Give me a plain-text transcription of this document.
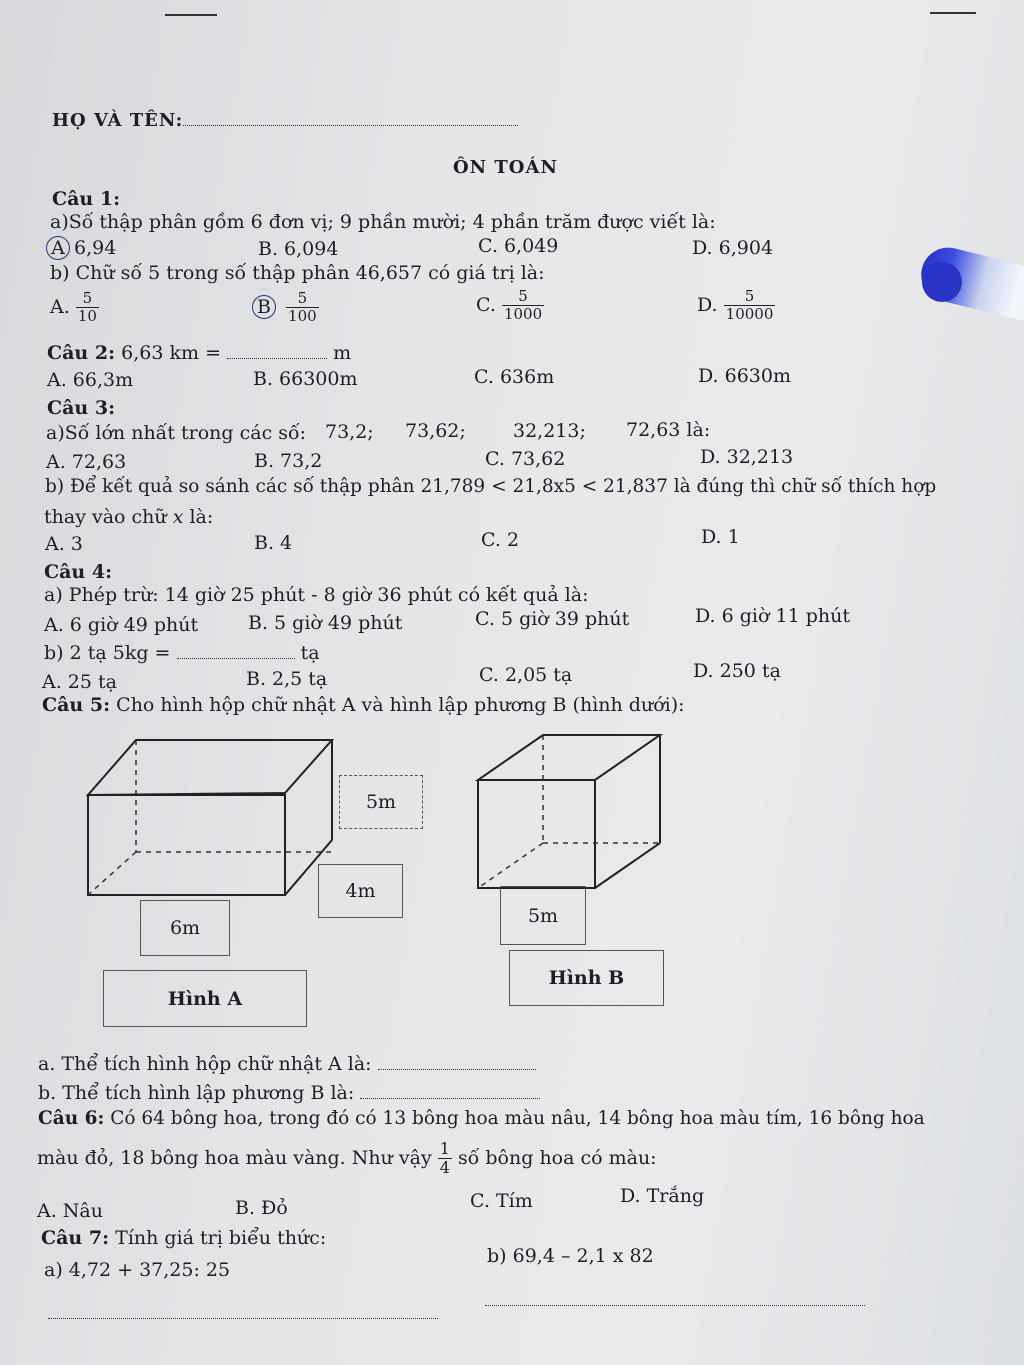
HỌ VÀ TÊN:
ÔN TOÁN
Câu 1:
a)Số thập phân gồm 6 đơn vị; 9 phần mười; 4 phần trăm được viết là:
A 6,94	B. 6,094	C. 6,049	D. 6,904
b) Chữ số 5 trong số thập phân 46,657 có giá trị là:
A. $\frac{5}{10}$	B $\frac{5}{100}$	C. $\frac{5}{1000}$	D. $\frac{5}{10000}$
Câu 2: 6,63 km =	m
A. 66,3m	B. 66300m	C. 636m	D. 6630m
Câu 3:
a)Số lớn nhất trong các số: 73,2; 73,62; 32,213; 72,63 là:
A. 72,63	B. 73,2	C. 73,62	D. 32,213
b) Để kết quả so sánh các số thập phân 21,789 < 21,8x5 < 21,837 là đúng thì chữ số thích hợp
thay vào chữ x là:
A. 3	B. 4	C. 2	D. 1
Câu 4:
a) Phép trừ: 14 giờ 25 phút - 8 giờ 36 phút có kết quả là:
A. 6 giờ 49 phút	B. 5 giờ 49 phút	C. 5 giờ 39 phút	D. 6 giờ 11 phút
b) 2 tạ 5kg =	tạ
A. 25 tạ	B. 2,5 tạ	C. 2,05 tạ	D. 250 tạ
Câu 5: Cho hình hộp chữ nhật A và hình lập phương B (hình dưới):
5m
4m
6m
Hình A
5m
Hình B
a. Thể tích hình hộp chữ nhật A là:
b. Thể tích hình lập phương B là:
Câu 6: Có 64 bông hoa, trong đó có 13 bông hoa màu nâu, 14 bông hoa màu tím, 16 bông hoa
màu đỏ, 18 bông hoa màu vàng. Như vậy $\frac{1}{4}$ số bông hoa có màu:
A. Nâu	B. Đỏ	C. Tím	D. Trắng
Câu 7: Tính giá trị biểu thức:
a) 4,72 + 37,25: 25
b) 69,4 – 2,1 x 82
